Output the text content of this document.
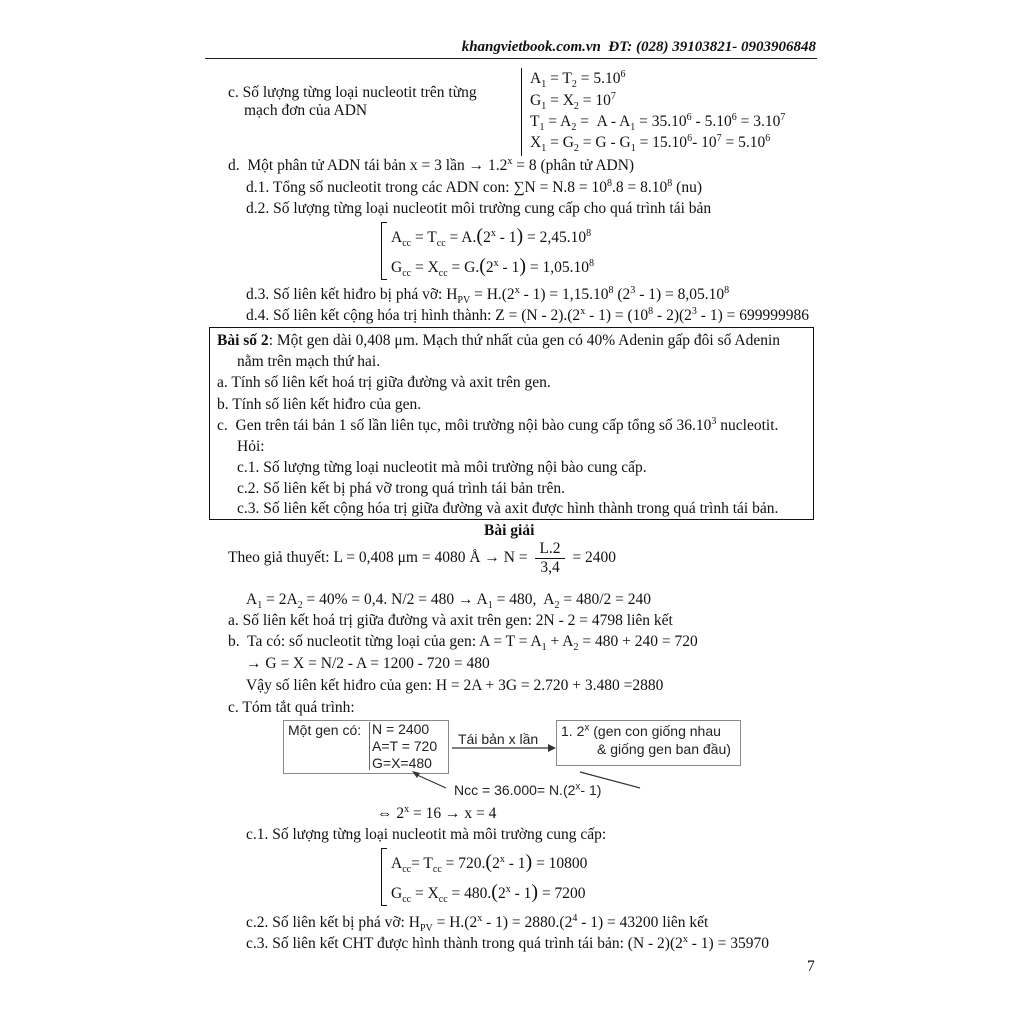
khangvietbook.com.vn ĐT: (028) 39103821- 0903906848
c. Số lượng từng loại nucleotit trên từng
mạch đơn của ADN
$A_1 = T_2 = 5.10^6$
$G_1 = X_2 = 10^7$
$T_1 = A_2 = A - A_1 = 35.10^6 - 5.10^6 = 3.10^7$
$X_1 = G_2 = G - G_1 = 15.10^6-$ $10^7 = 5.10^6$
d.  Một phân tử ADN tái bản x = 3 lần → $1.2^x = 8$ (phân tử ADN)
d.1. Tổng số nucleotit trong các ADN con: $\sum N = N.8 = 10^8.8 = 8.10^8$ (nu)
d.2. Số lượng từng loại nucleotit môi trường cung cấp cho quá trình tái bản
$A_{cc} = T_{cc} = A.(2^x - 1) = 2,45.10^8$
$G_{cc} = X_{cc} = G.(2^x - 1) = 1,05.10^8$
d.3. Số liên kết hiđro bị phá vỡ: $H_{PV} = H.(2^x - 1) = 1,15.10^8$ $(2^3 - 1) = 8,05.10^8$
d.4. Số liên kết cộng hóa trị hình thành: $Z = (N - 2).(2^x - 1) = (10^8 - 2)(2^3 - 1) = 699999986$
Bài số 2: Một gen dài 0,408 μm. Mạch thứ nhất của gen có 40% Adenin gấp đôi số Adenin
nằm trên mạch thứ hai.
a. Tính số liên kết hoá trị giữa đường và axit trên gen.
b. Tính số liên kết hiđro của gen.
c.  Gen trên tái bản 1 số lần liên tục, môi trường nội bào cung cấp tổng số 36.10$^3$ nucleotit.
Hỏi:
c.1. Số lượng từng loại nucleotit mà môi trường nội bào cung cấp.
c.2. Số liên kết bị phá vỡ trong quá trình tái bản trên.
c.3. Số liên kết cộng hóa trị giữa đường và axit được hình thành trong quá trình tái bản.
Bài giải
Theo giả thuyết: L = 0,408 μm = 4080 Å → $N = \frac{L.2}{3,4} = 2400$
$A_1 = 2A_2 = 40\% = 0,4$. $N/2 = 480 \to A_1 = 480$,  $A_2 = 480/2 = 240$
a. Số liên kết hoá trị giữa đường và axit trên gen: 2N - 2 = 4798 liên kết
b.  Ta có: số nucleotit từng loại của gen: $A = T = A_1 + A_2 = 480 + 240 = 720$
→ G = X = N/2 - A = 1200 - 720 = 480
Vậy số liên kết hiđro của gen: H = 2A + 3G = 2.720 + 3.480 =2880
c. Tóm tắt quá trình:
Một gen có: N = 2400
A=T = 720
G=X=480
Tái bản x lần 1. 2$^x$ (gen con giống nhau
& giống gen ban đầu)
Ncc = $36.000= N.(2^x-$ 1)
⇔ $2^x = 16 \to x = 4$
c.1. Số lượng từng loại nucleotit mà môi trường cung cấp:
$A_{cc}= T_{cc} = 720.(2^x - 1) = 10800$
$G_{cc} = X_{cc} = 480.(2^x - 1) = 7200$
c.2. Số liên kết bị phá vỡ: $H_{PV} = H.(2^x - 1) = 2880.(2^4 - 1) = 43200$ liên kết
c.3. Số liên kết CHT được hình thành trong quá trình tái bản: (N - 2)(2$^x$ - 1) = 35970
7
